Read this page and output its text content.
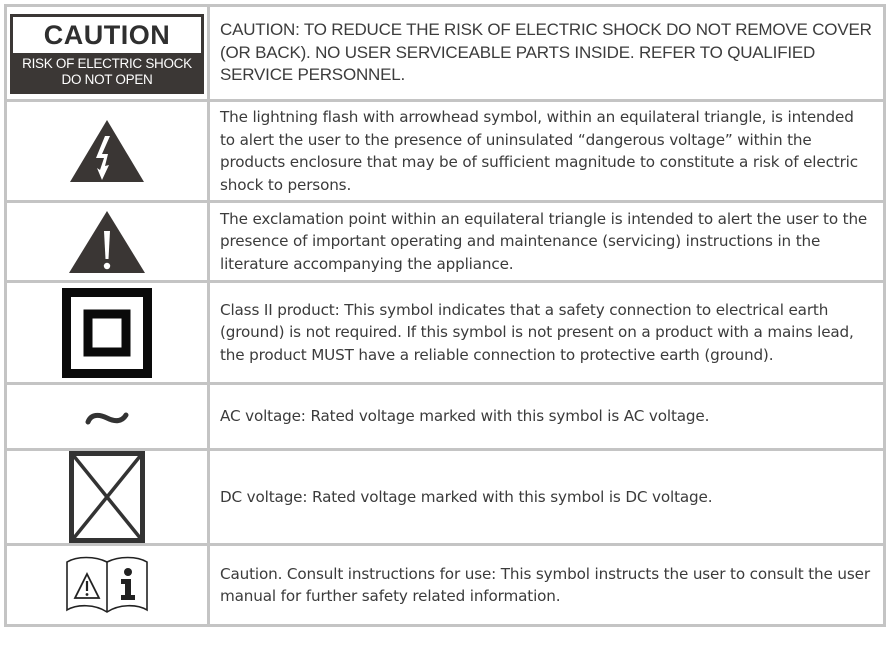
CAUTION
RISK OF ELECTRIC SHOCK
DO NOT OPEN	CAUTION: TO REDUCE THE RISK OF ELECTRIC SHOCK DO NOT REMOVE COVER (OR BACK). NO USER SERVICEABLE PARTS INSIDE. REFER TO QUALIFIED SERVICE PERSONNEL.
	The lightning flash with arrowhead symbol, within an equilateral triangle, is intended to alert the user to the presence of uninsulated “dangerous voltage” within the products enclosure that may be of sufficient magnitude to constitute a risk of electric shock to persons.
	The exclamation point within an equilateral triangle is intended to alert the user to the presence of important operating and maintenance (servicing) instructions in the literature accompanying the appliance.
	Class II product: This symbol indicates that a safety connection to electrical earth (ground) is not required. If this symbol is not present on a product with a mains lead, the product MUST have a reliable connection to protective earth (ground).
	AC voltage: Rated voltage marked with this symbol is AC voltage.
	DC voltage: Rated voltage marked with this symbol is DC voltage.
	Caution. Consult instructions for use: This symbol instructs the user to consult the user manual for further safety related information.
